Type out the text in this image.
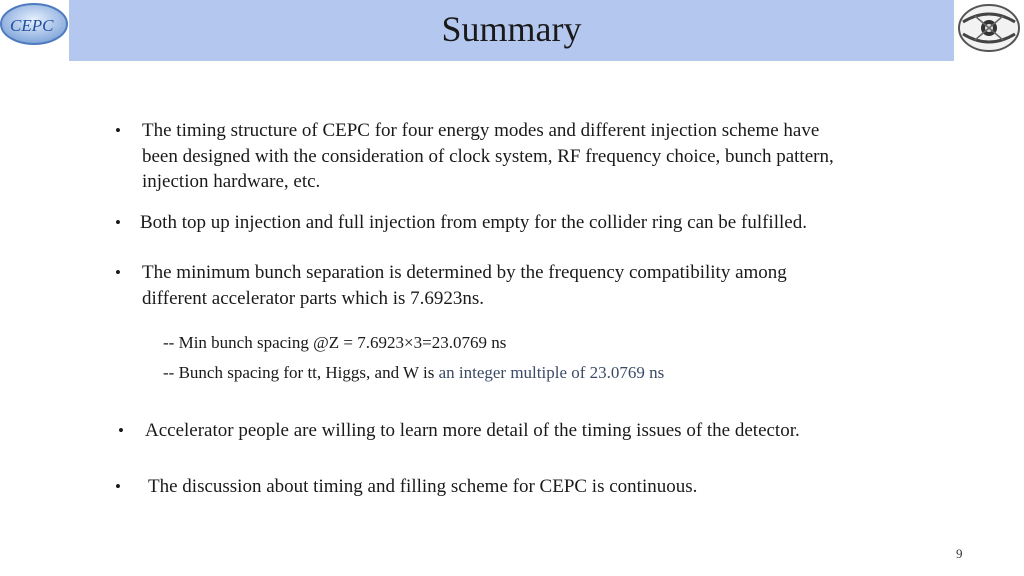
CEPC	Summary
•	The timing structure of CEPC for four energy modes and different injection scheme have
been designed with the consideration of clock system, RF frequency choice, bunch pattern,
injection hardware, etc.
•	Both top up injection and full injection from empty for the collider ring can be fulfilled.
•	The minimum bunch separation is determined by the frequency compatibility among
different accelerator parts which is 7.6923ns.
-- Min bunch spacing @Z = 7.6923×3=23.0769 ns
-- Bunch spacing for tt, Higgs, and W is an integer multiple of 23.0769 ns
•	Accelerator people are willing to learn more detail of the timing issues of the detector.
•	The discussion about timing and filling scheme for CEPC is continuous.
9
